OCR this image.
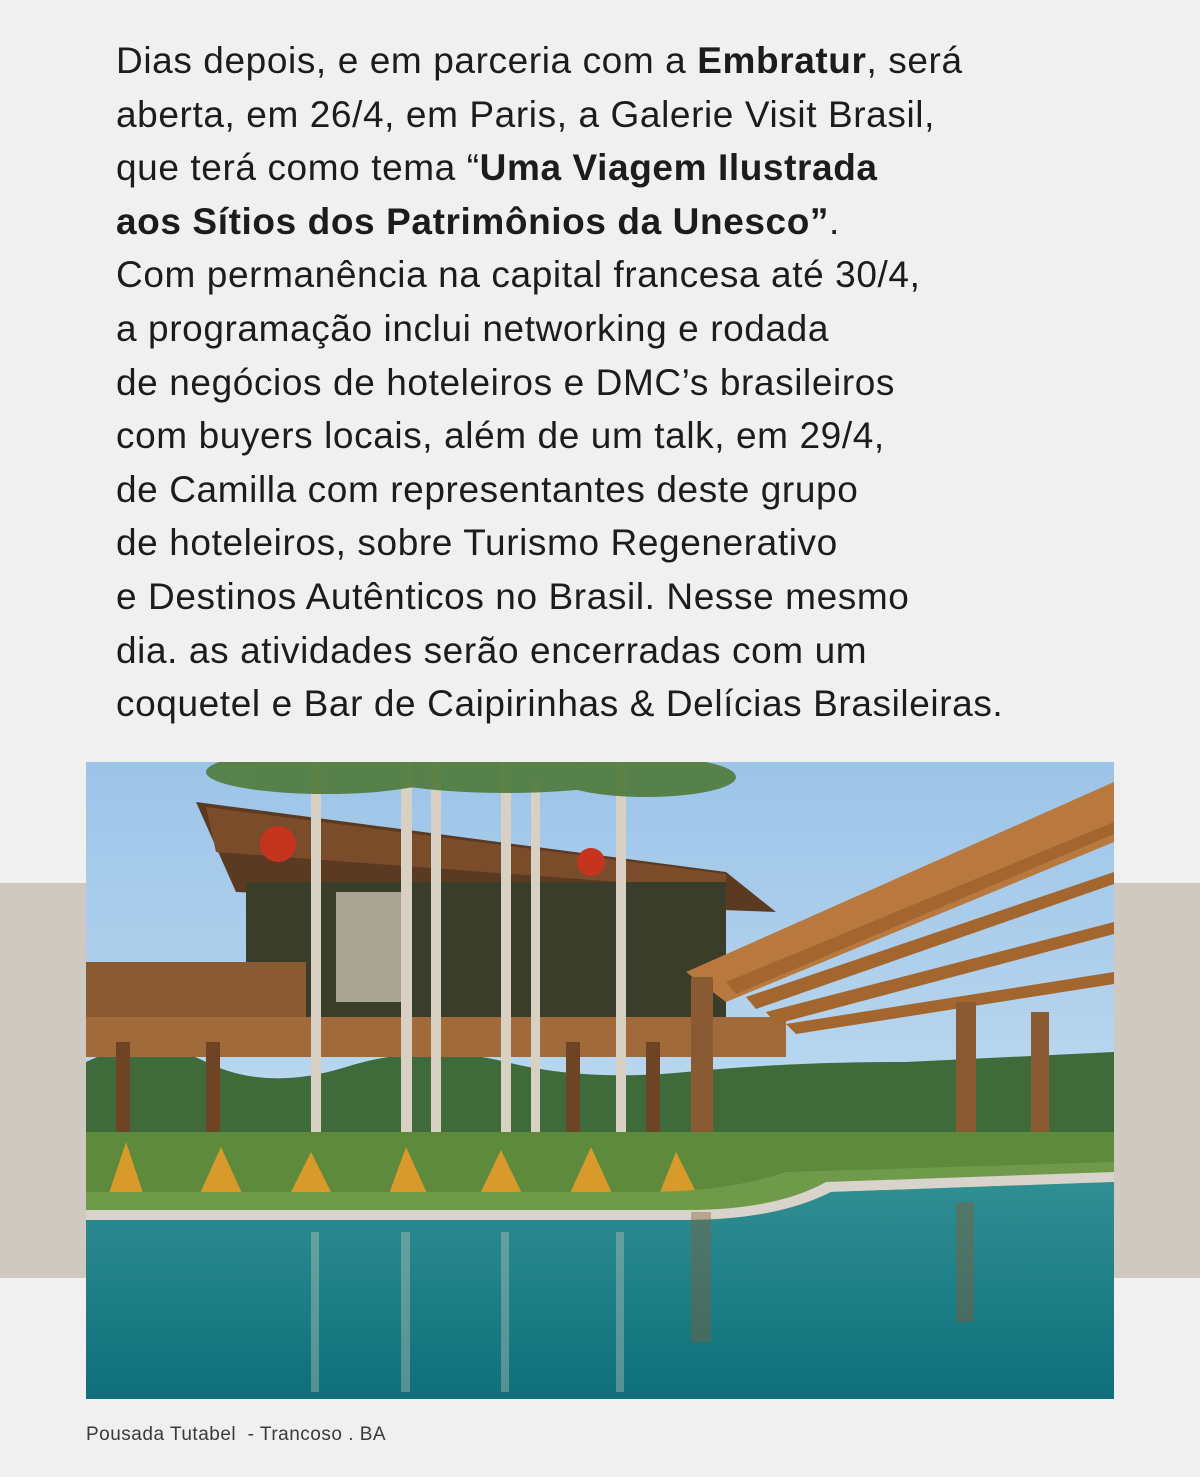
Dias depois, e em parceria com a Embratur, será
aberta, em 26/4, em Paris, a Galerie Visit Brasil,
que terá como tema “Uma Viagem Ilustrada
aos Sítios dos Patrimônios da Unesco”.
Com permanência na capital francesa até 30/4,
a programação inclui networking e rodada
de negócios de hoteleiros e DMC’s brasileiros
com buyers locais, além de um talk, em 29/4,
de Camilla com representantes deste grupo
de hoteleiros, sobre Turismo Regenerativo
e Destinos Autênticos no Brasil. Nesse mesmo
dia. as atividades serão encerradas com um
coquetel e Bar de Caipirinhas & Delícias Brasileiras.
Pousada Tutabel  - Trancoso . BA
